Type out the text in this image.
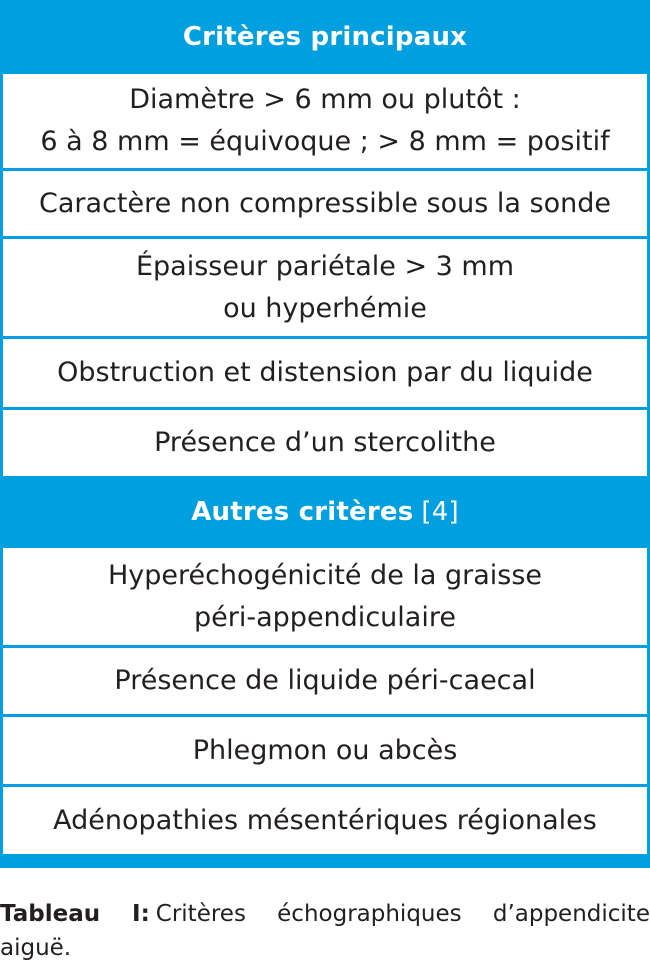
Critères principaux
Diamètre > 6 mm ou plutôt :
6 à 8 mm = équivoque ; > 8 mm = positif
Caractère non compressible sous la sonde
Épaisseur pariétale > 3 mm
ou hyperhémie
Obstruction et distension par du liquide
Présence d’un stercolithe
Autres critères [4]
Hyperéchogénicité de la graisse
péri-appendiculaire
Présence de liquide péri-caecal
Phlegmon ou abcès
Adénopathies mésentériques régionales
Tableau I: Critères échographiques d’appendicite aiguë.
